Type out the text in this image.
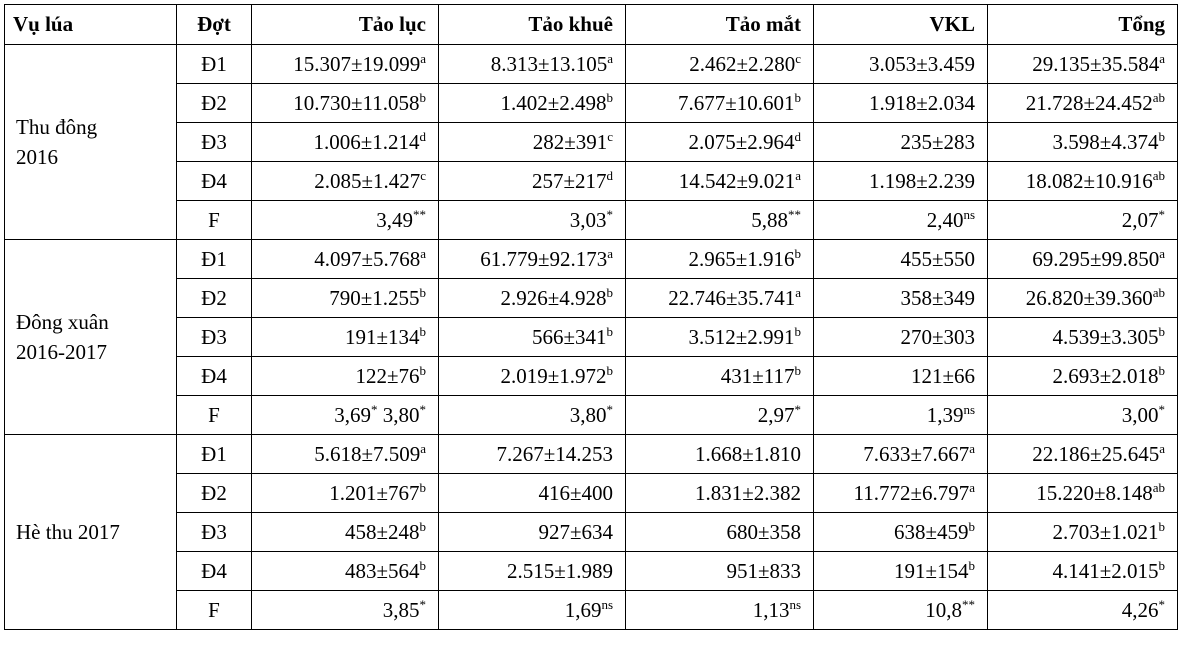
Vụ lúa	Đợt	Tảo lục	Tảo khuê	Tảo mắt	VKL	Tổng
Thu đông
2016	Đ1	15.307±19.099$^a$	8.313±13.105$^a$	2.462±2.280$^c$	3.053±3.459	29.135±35.584$^a$
	Đ2	10.730±11.058$^b$	1.402±2.498$^b$	7.677±10.601$^b$	1.918±2.034	21.728±24.452$^{ab}$
	Đ3	1.006±1.214$^d$	$282\pm 391^c$	2.075±2.964$^d$	235±283	3.598±4.374$^b$
	Đ4	2.085±1.427$^c$	$257\pm 217^d$	14.542±9.021$^a$	1.198±2.239	18.082±10.916$^{ab}$
	F	3,49**	3,03*	5,88**	$2,40^{ns}$	2,07*
Đông xuân
2016-2017	Đ1	4.097±5.768$^a$	61.779±92.173$^a$	2.965±1.916$^b$	455±550	69.295±99.850$^a$
	Đ2	790±1.255$^b$	2.926±4.928$^b$	22.746±35.741$^a$	358±349	26.820±39.360$^{ab}$
	Đ3	$191\pm 134^b$	$566\pm 341^b$	3.512±2.991$^b$	270±303	4.539±3.305$^b$
	Đ4	$122\pm 76^b$	2.019±1.972$^b$	$431\pm 117^b$	121±66	2.693±2.018$^b$
	F	3,69* 3,80*	3,80*	2,97*	$1,39^{ns}$	3,00*
Hè thu 2017	Đ1	5.618±7.509$^a$	7.267±14.253	1.668±1.810	7.633±7.667$^a$	22.186±25.645$^a$
	Đ2	$1.201\pm 767^b$	416±400	1.831±2.382	11.772±6.797$^a$	15.220±8.148$^{ab}$
	Đ3	$458\pm 248^b$	927±634	680±358	$638\pm 459^b$	2.703±1.021$^b$
	Đ4	$483\pm 564^b$	2.515±1.989	951±833	$191\pm 154^b$	4.141±2.015$^b$
	F	3,85*	$1,69^{ns}$	$1,13^{ns}$	10,8**	4,26*
